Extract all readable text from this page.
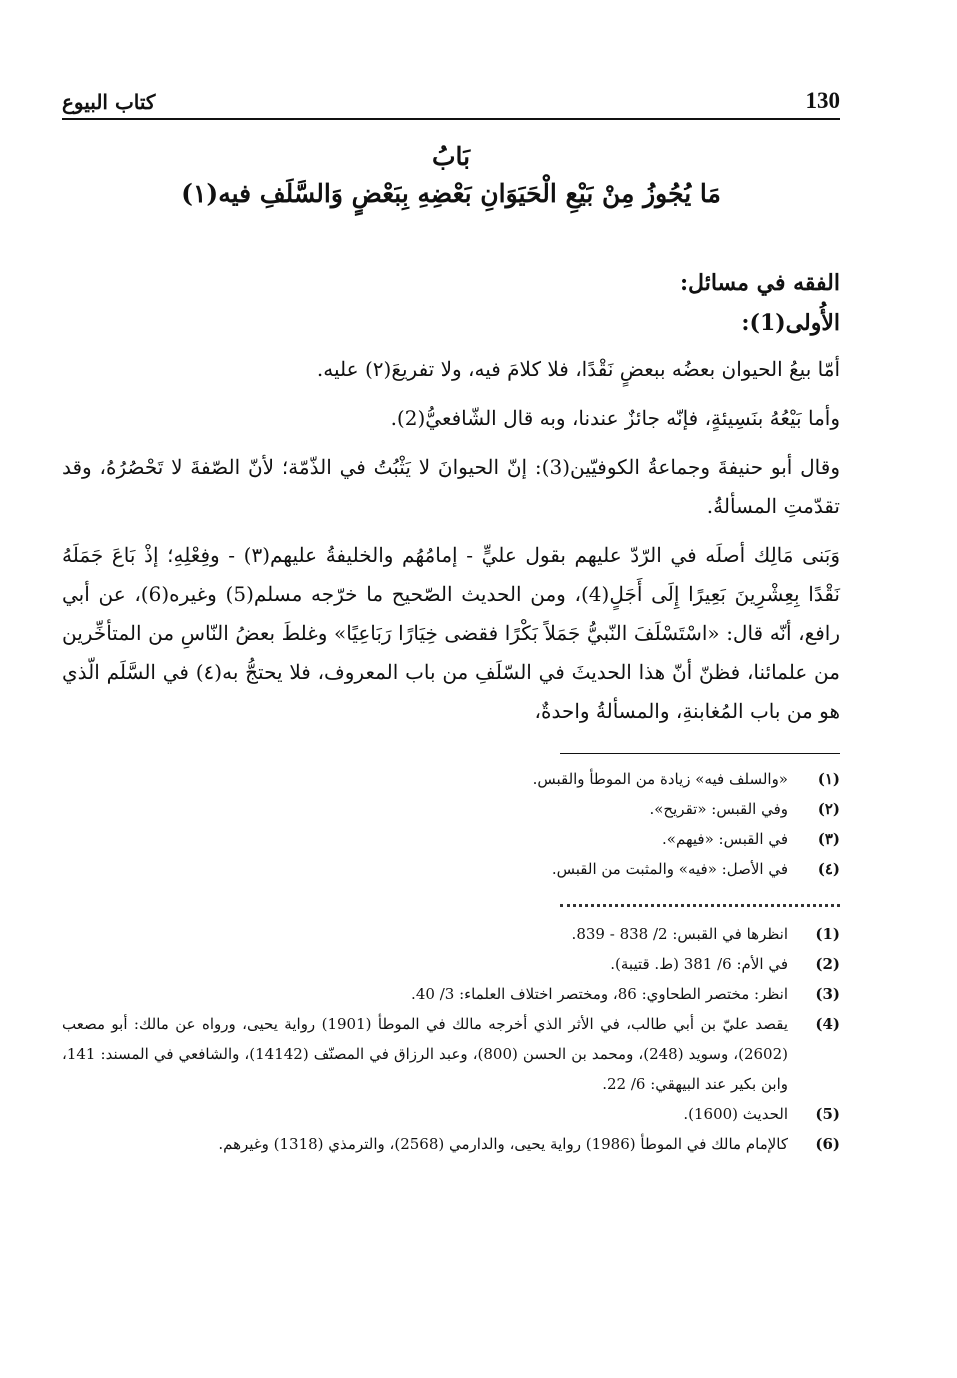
130
كتاب البيوع
بَابُ
مَا يُجُوزُ مِنْ بَيْعِ الْحَيَوَانِ بَعْضِهِ بِبَعْضٍ وَالسَّلَفِ فيه(١)
الفقه في مسائل:
الأُولى(1):
أمّا بيعُ الحيوان بعضُه ببعضٍ نَقْدًا، فلا كلامَ فيه، ولا تفريعَ(٢) عليه.
وأما بَيْعُهُ بنَسِيئةٍ، فإنّه جائزٌ عندنا، وبه قال الشّافعيُّ(2).
وقال أبو حنيفةَ وجماعةُ الكوفيّين(3): إنّ الحيوانَ لا يَثْبُتُ في الذّمّة؛ لأنّ الصّفةَ لا تَحْصُرُهُ، وقد تقدّمتِ المسألةُ.
وَبَنى مَالِك أصلَه في الرّدّ عليهم بقول عليٍّ - إمامُهُم والخليفةُ عليهم(٣) - وفِعْلِهِ؛ إذْ بَاعَ جَمَلَهُ نَقْدًا بِعِشْرِينَ بَعِيرًا إِلَى أَجَلٍ(4)، ومن الحديث الصّحيح ما خرّجه مسلم(5) وغيره(6)، عن أبي رافع، أنّه قال: «اسْتَسْلَفَ النّبيُّ جَمَلاً بَكْرًا فقضى خِيَارًا رَبَاعِيًا» وغلطَ بعضُ النّاسِ من المتأخِّرين من علمائنا، فظنّ أنّ هذا الحديثَ في السّلَفِ من باب المعروف، فلا يحتجُّ به(٤) في السَّلَم الّذي هو من باب المُغابنةِ، والمسألةُ واحدةٌ،
(١)
«والسلف فيه» زيادة من الموطأ والقبس.
(٢)
وفي القبس: «تقريح».
(٣)
في القبس: «فيهم».
(٤)
في الأصل: «فيه» والمثبت من القبس.
(1)
انظرها في القبس: 2/ 838 - 839.
(2)
في الأم: 6/ 381 (ط. قتيبة).
(3)
انظر: مختصر الطحاوي: 86، ومختصر اختلاف العلماء: 3/ 40.
(4)
يقصد عليّ بن أبي طالب، في الأثر الذي أخرجه مالك في الموطأ (1901) رواية يحيى، ورواه عن مالك: أبو مصعب (2602)، وسويد (248)، ومحمد بن الحسن (800)، وعبد الرزاق في المصنّف (14142)، والشافعي في المسند: 141، وابن بكير عند البيهقي: 6/ 22.
(5)
الحديث (1600).
(6)
كالإمام مالك في الموطأ (1986) رواية يحيى، والدارمي (2568)، والترمذي (1318) وغيرهم.
